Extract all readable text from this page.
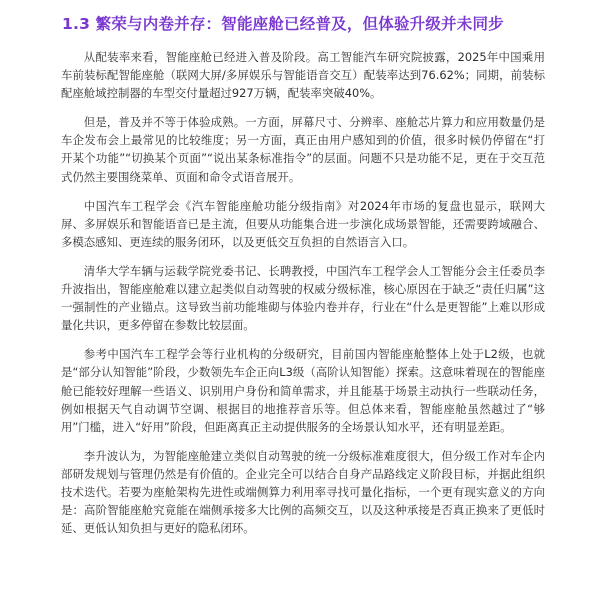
1.3 繁荣与内卷并存：智能座舱已经普及，但体验升级并未同步

从配装率来看，智能座舱已经进入普及阶段。高工智能汽车研究院披露，2025年中国乘用车前装标配智能座舱（联网大屏/多屏娱乐与智能语音交互）配装率达到76.62%；同期，前装标配座舱域控制器的车型交付量超过927万辆，配装率突破40%。

但是，普及并不等于体验成熟。一方面，屏幕尺寸、分辨率、座舱芯片算力和应用数量仍是车企发布会上最常见的比较维度；另一方面，真正由用户感知到的价值，很多时候仍停留在“打开某个功能”“切换某个页面”“说出某条标准指令”的层面。问题不只是功能不足，更在于交互范式仍然主要围绕菜单、页面和命令式语音展开。

中国汽车工程学会《汽车智能座舱功能分级指南》对2024年市场的复盘也显示，联网大屏、多屏娱乐和智能语音已是主流，但要从功能集合进一步演化成场景智能，还需要跨域融合、多模态感知、更连续的服务闭环，以及更低交互负担的自然语言入口。

清华大学车辆与运载学院党委书记、长聘教授，中国汽车工程学会人工智能分会主任委员李升波指出，智能座舱难以建立起类似自动驾驶的权威分级标准，核心原因在于缺乏“责任归属”这一强制性的产业锚点。这导致当前功能堆砌与体验内卷并存，行业在“什么是更智能”上难以形成量化共识，更多停留在参数比较层面。

参考中国汽车工程学会等行业机构的分级研究，目前国内智能座舱整体上处于L2级，也就是“部分认知智能”阶段，少数领先车企正向L3级（高阶认知智能）探索。这意味着现在的智能座舱已能较好理解一些语义、识别用户身份和简单需求，并且能基于场景主动执行一些联动任务，例如根据天气自动调节空调、根据目的地推荐音乐等。但总体来看，智能座舱虽然越过了“够用”门槛，进入“好用”阶段，但距离真正主动提供服务的全场景认知水平，还有明显差距。

李升波认为，为智能座舱建立类似自动驾驶的统一分级标准难度很大，但分级工作对车企内部研发规划与管理仍然是有价值的。企业完全可以结合自身产品路线定义阶段目标，并据此组织技术迭代。若要为座舱架构先进性或端侧算力利用率寻找可量化指标，一个更有现实意义的方向是：高阶智能座舱究竟能在端侧承接多大比例的高频交互，以及这种承接是否真正换来了更低时延、更低认知负担与更好的隐私闭环。
